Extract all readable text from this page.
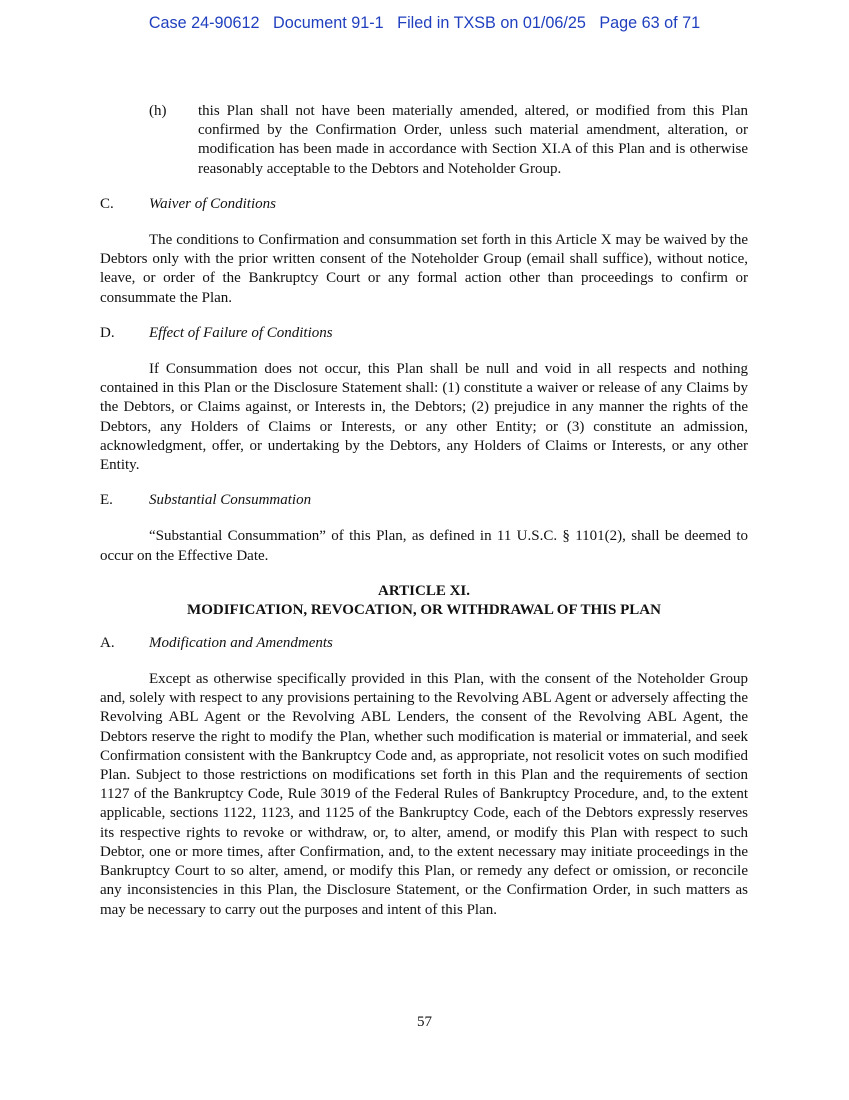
Case 24-90612   Document 91-1   Filed in TXSB on 01/06/25   Page 63 of 71
(h)	this Plan shall not have been materially amended, altered, or modified from this Plan confirmed by the Confirmation Order, unless such material amendment, alteration, or modification has been made in accordance with Section XI.A of this Plan and is otherwise reasonably acceptable to the Debtors and Noteholder Group.
C.	Waiver of Conditions

The conditions to Confirmation and consummation set forth in this Article X may be waived by the Debtors only with the prior written consent of the Noteholder Group (email shall suffice), without notice, leave, or order of the Bankruptcy Court or any formal action other than proceedings to confirm or consummate the Plan.

D.	Effect of Failure of Conditions

If Consummation does not occur, this Plan shall be null and void in all respects and nothing contained in this Plan or the Disclosure Statement shall: (1) constitute a waiver or release of any Claims by the Debtors, or Claims against, or Interests in, the Debtors; (2) prejudice in any manner the rights of the Debtors, any Holders of Claims or Interests, or any other Entity; or (3) constitute an admission, acknowledgment, offer, or undertaking by the Debtors, any Holders of Claims or Interests, or any other Entity.

E.	Substantial Consummation

“Substantial Consummation” of this Plan, as defined in 11 U.S.C. § 1101(2), shall be deemed to occur on the Effective Date.

ARTICLE XI.
MODIFICATION, REVOCATION, OR WITHDRAWAL OF THIS PLAN
A.	Modification and Amendments

Except as otherwise specifically provided in this Plan, with the consent of the Noteholder Group and, solely with respect to any provisions pertaining to the Revolving ABL Agent or adversely affecting the Revolving ABL Agent or the Revolving ABL Lenders, the consent of the Revolving ABL Agent, the Debtors reserve the right to modify the Plan, whether such modification is material or immaterial, and seek Confirmation consistent with the Bankruptcy Code and, as appropriate, not resolicit votes on such modified Plan. Subject to those restrictions on modifications set forth in this Plan and the requirements of section 1127 of the Bankruptcy Code, Rule 3019 of the Federal Rules of Bankruptcy Procedure, and, to the extent applicable, sections 1122, 1123, and 1125 of the Bankruptcy Code, each of the Debtors expressly reserves its respective rights to revoke or withdraw, or, to alter, amend, or modify this Plan with respect to such Debtor, one or more times, after Confirmation, and, to the extent necessary may initiate proceedings in the Bankruptcy Court to so alter, amend, or modify this Plan, or remedy any defect or omission, or reconcile any inconsistencies in this Plan, the Disclosure Statement, or the Confirmation Order, in such matters as may be necessary to carry out the purposes and intent of this Plan.

57
